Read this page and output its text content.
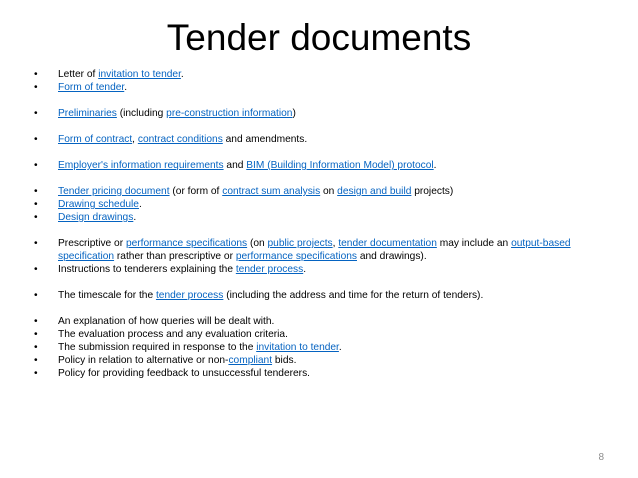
Tender documents
•	Letter of invitation to tender.
•	Form of tender.
•	Preliminaries (including pre-construction information)
•	Form of contract, contract conditions and amendments.
•	Employer's information requirements and BIM (Building Information Model) protocol.
•	Tender pricing document (or form of contract sum analysis on design and build projects)
•	Drawing schedule.
•	Design drawings.
•	Prescriptive or performance specifications (on public projects, tender documentation may include an output-based specification rather than prescriptive or performance specifications and drawings).
•	Instructions to tenderers explaining the tender process.
•	The timescale for the tender process (including the address and time for the return of tenders).
•	An explanation of how queries will be dealt with.
•	The evaluation process and any evaluation criteria.
•	The submission required in response to the invitation to tender.
•	Policy in relation to alternative or non-compliant bids.
•	Policy for providing feedback to unsuccessful tenderers.
8
